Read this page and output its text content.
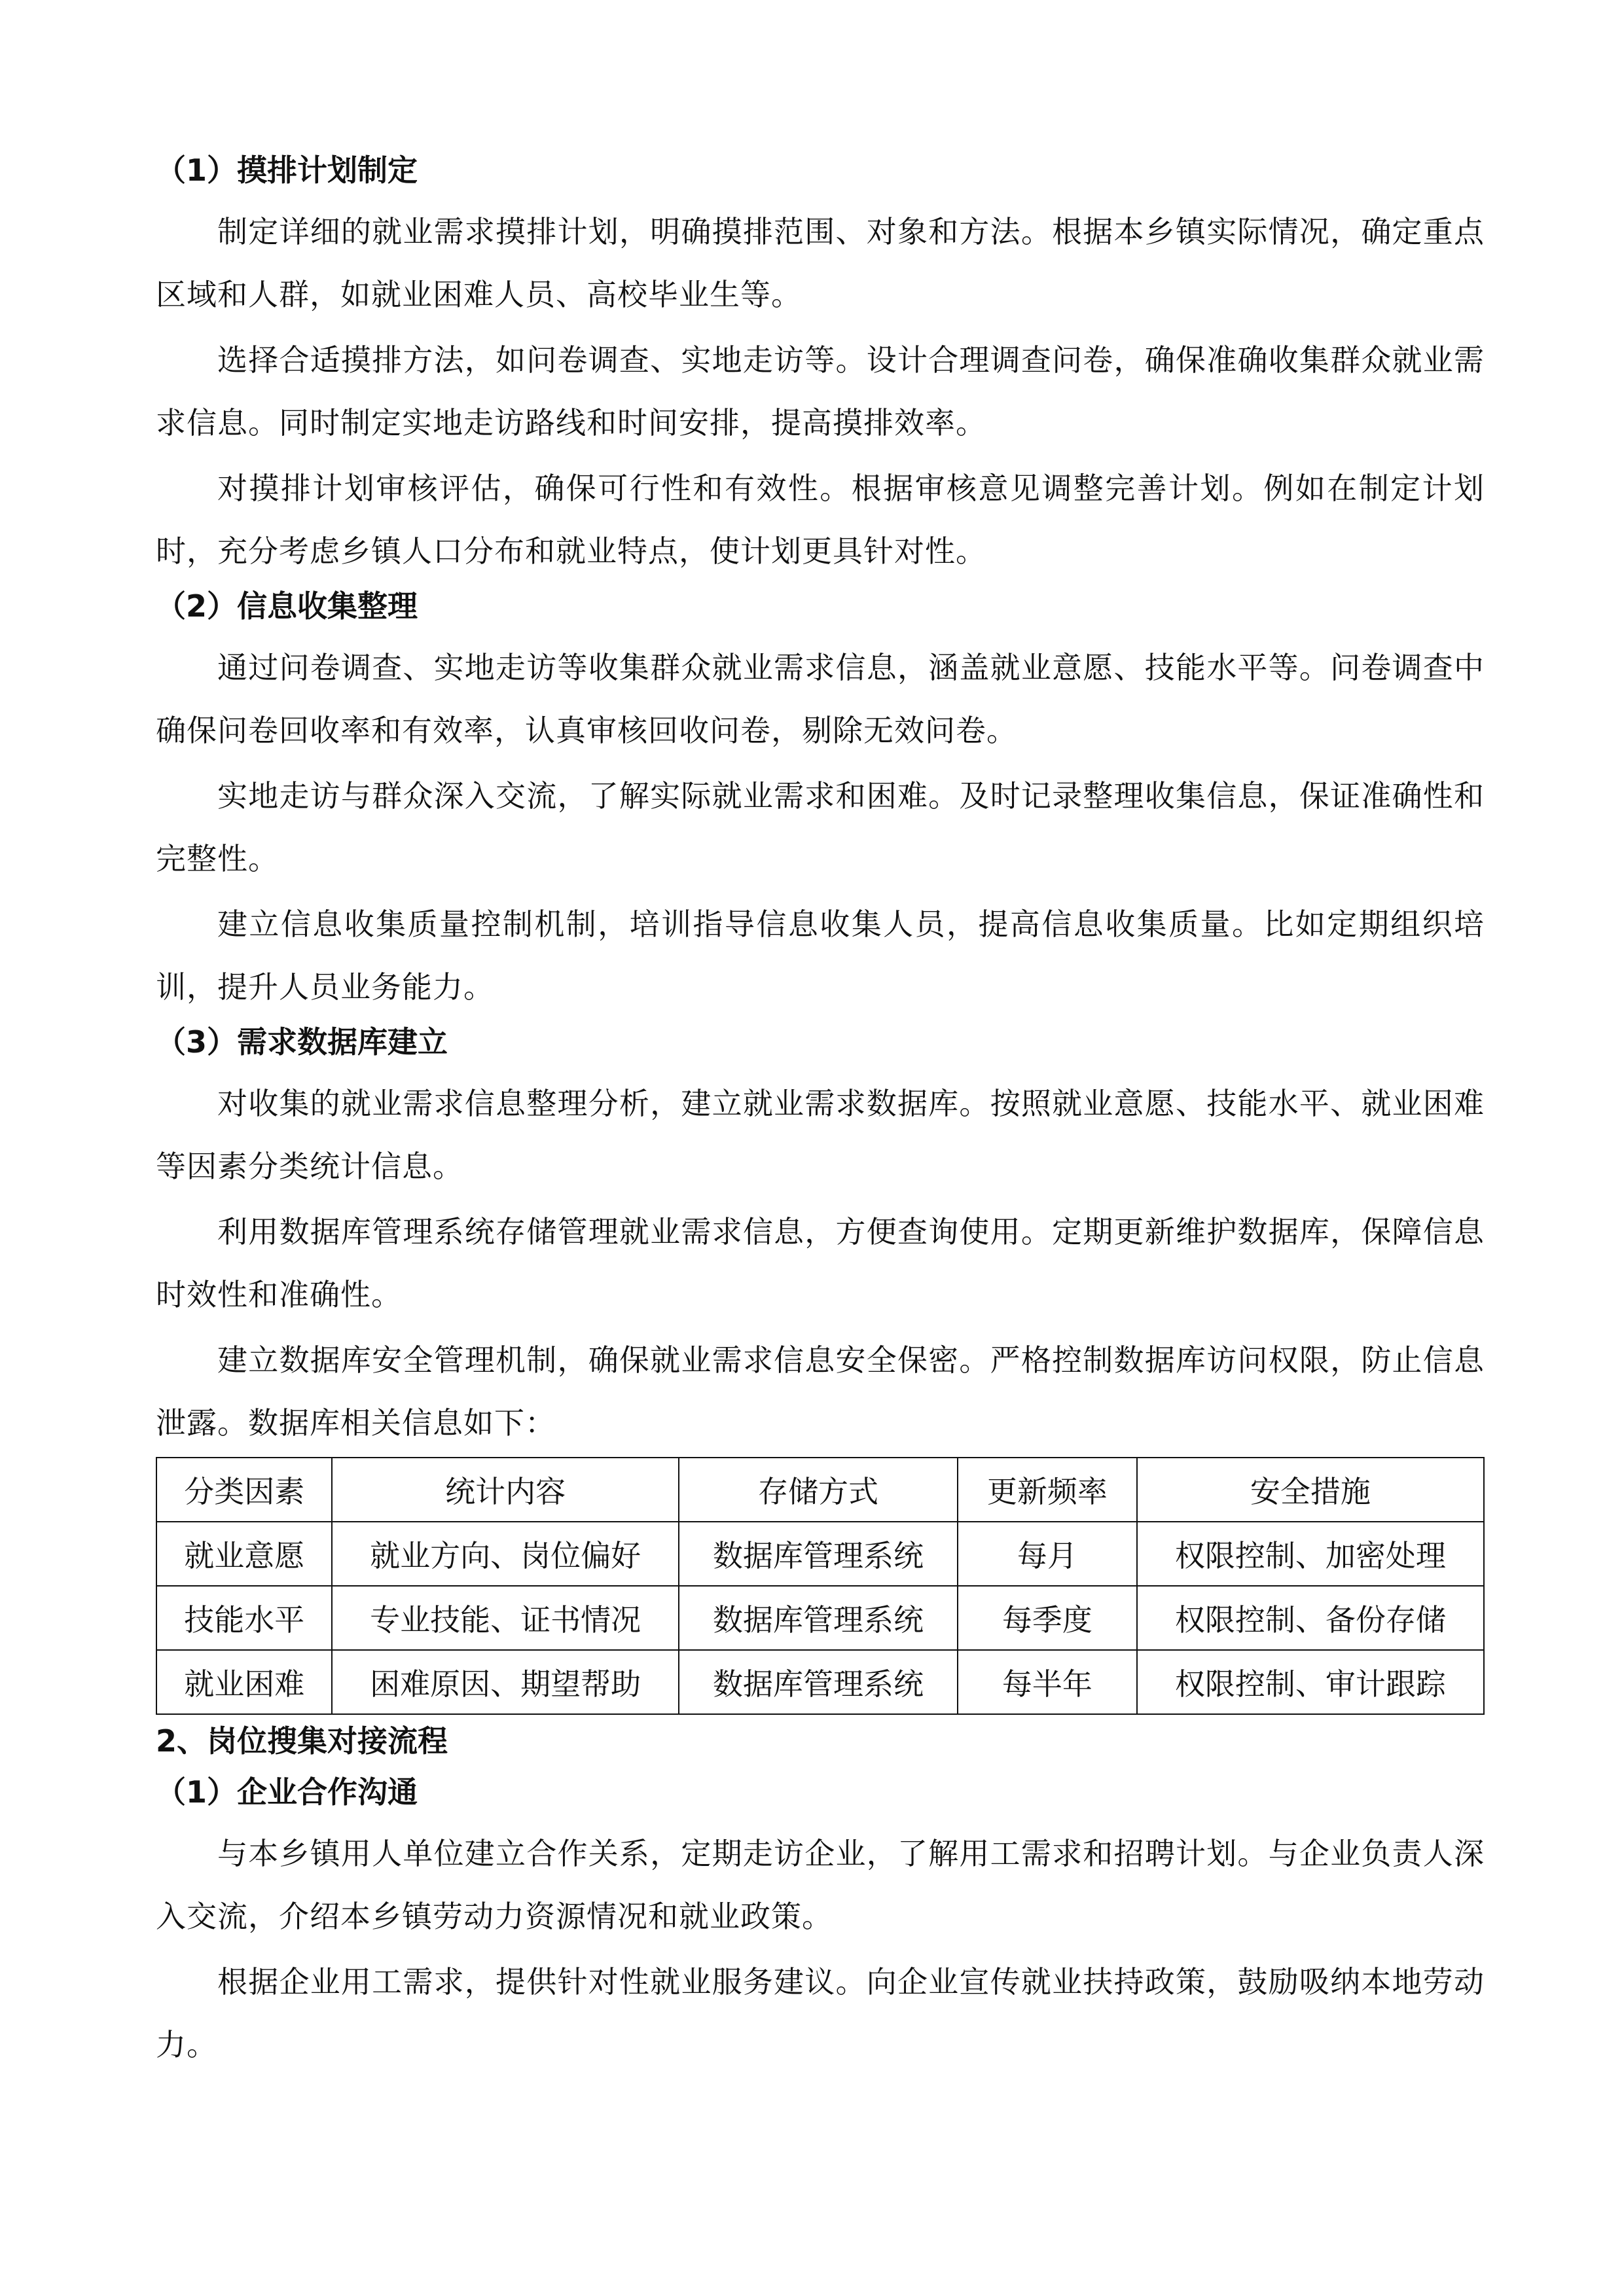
（1）摸排计划制定

制定详细的就业需求摸排计划，明确摸排范围、对象和方法。根据本乡镇实际情况，确定重点区域和人群，如就业困难人员、高校毕业生等。

选择合适摸排方法，如问卷调查、实地走访等。设计合理调查问卷，确保准确收集群众就业需求信息。同时制定实地走访路线和时间安排，提高摸排效率。

对摸排计划审核评估，确保可行性和有效性。根据审核意见调整完善计划。例如在制定计划时，充分考虑乡镇人口分布和就业特点，使计划更具针对性。

（2）信息收集整理

通过问卷调查、实地走访等收集群众就业需求信息，涵盖就业意愿、技能水平等。问卷调查中确保问卷回收率和有效率，认真审核回收问卷，剔除无效问卷。

实地走访与群众深入交流，了解实际就业需求和困难。及时记录整理收集信息，保证准确性和完整性。

建立信息收集质量控制机制，培训指导信息收集人员，提高信息收集质量。比如定期组织培训，提升人员业务能力。

（3）需求数据库建立

对收集的就业需求信息整理分析，建立就业需求数据库。按照就业意愿、技能水平、就业困难等因素分类统计信息。

利用数据库管理系统存储管理就业需求信息，方便查询使用。定期更新维护数据库，保障信息时效性和准确性。

建立数据库安全管理机制，确保就业需求信息安全保密。严格控制数据库访问权限，防止信息泄露。数据库相关信息如下：

分类因素	统计内容	存储方式	更新频率	安全措施
就业意愿	就业方向、岗位偏好	数据库管理系统	每月	权限控制、加密处理
技能水平	专业技能、证书情况	数据库管理系统	每季度	权限控制、备份存储
就业困难	困难原因、期望帮助	数据库管理系统	每半年	权限控制、审计跟踪
2、岗位搜集对接流程
（1）企业合作沟通

与本乡镇用人单位建立合作关系，定期走访企业，了解用工需求和招聘计划。与企业负责人深入交流，介绍本乡镇劳动力资源情况和就业政策。

根据企业用工需求，提供针对性就业服务建议。向企业宣传就业扶持政策，鼓励吸纳本地劳动力。
